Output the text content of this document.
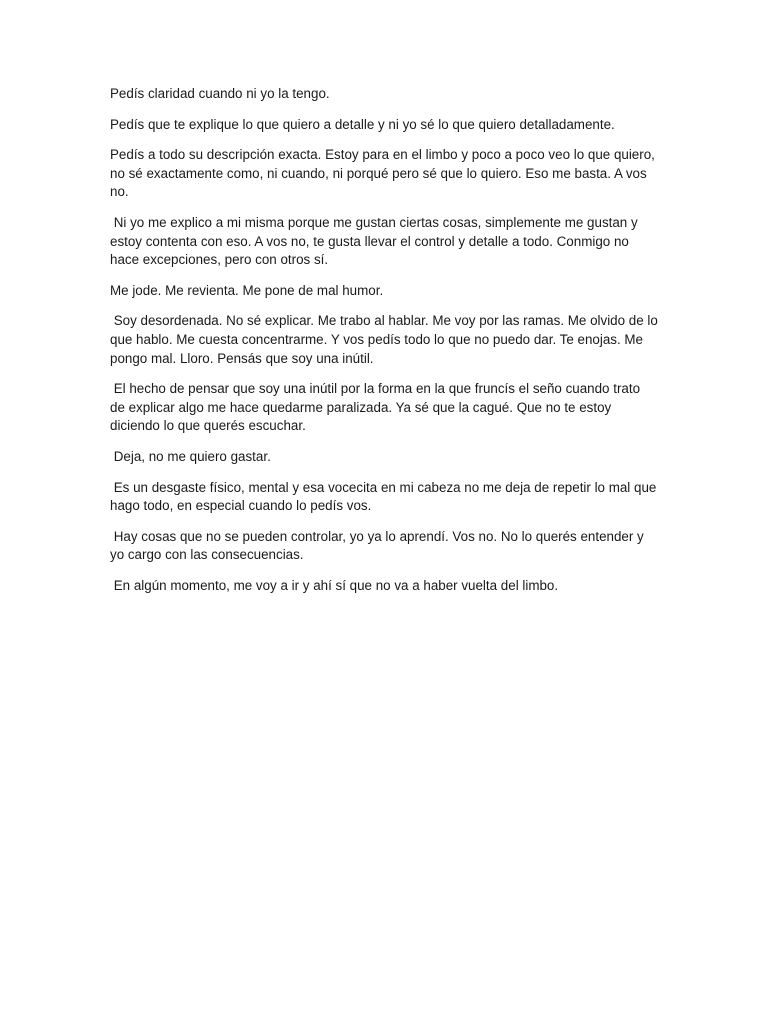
Pedís claridad cuando ni yo la tengo.

Pedís que te explique lo que quiero a detalle y ni yo sé lo que quiero detalladamente.

Pedís a todo su descripción exacta. Estoy para en el limbo y poco a poco veo lo que quiero, no sé exactamente como, ni cuando, ni porqué pero sé que lo quiero. Eso me basta. A vos no.

Ni yo me explico a mi misma porque me gustan ciertas cosas, simplemente me gustan y estoy contenta con eso. A vos no, te gusta llevar el control y detalle a todo. Conmigo no hace excepciones, pero con otros sí.

Me jode. Me revienta. Me pone de mal humor.

Soy desordenada. No sé explicar. Me trabo al hablar. Me voy por las ramas. Me olvido de lo que hablo. Me cuesta concentrarme. Y vos pedís todo lo que no puedo dar. Te enojas. Me pongo mal. Lloro. Pensás que soy una inútil.

El hecho de pensar que soy una inútil por la forma en la que fruncís el seño cuando trato de explicar algo me hace quedarme paralizada. Ya sé que la cagué. Que no te estoy diciendo lo que querés escuchar.

Deja, no me quiero gastar.

Es un desgaste físico, mental y esa vocecita en mi cabeza no me deja de repetir lo mal que hago todo, en especial cuando lo pedís vos.

Hay cosas que no se pueden controlar, yo ya lo aprendí. Vos no. No lo querés entender y yo cargo con las consecuencias.

En algún momento, me voy a ir y ahí sí que no va a haber vuelta del limbo.
